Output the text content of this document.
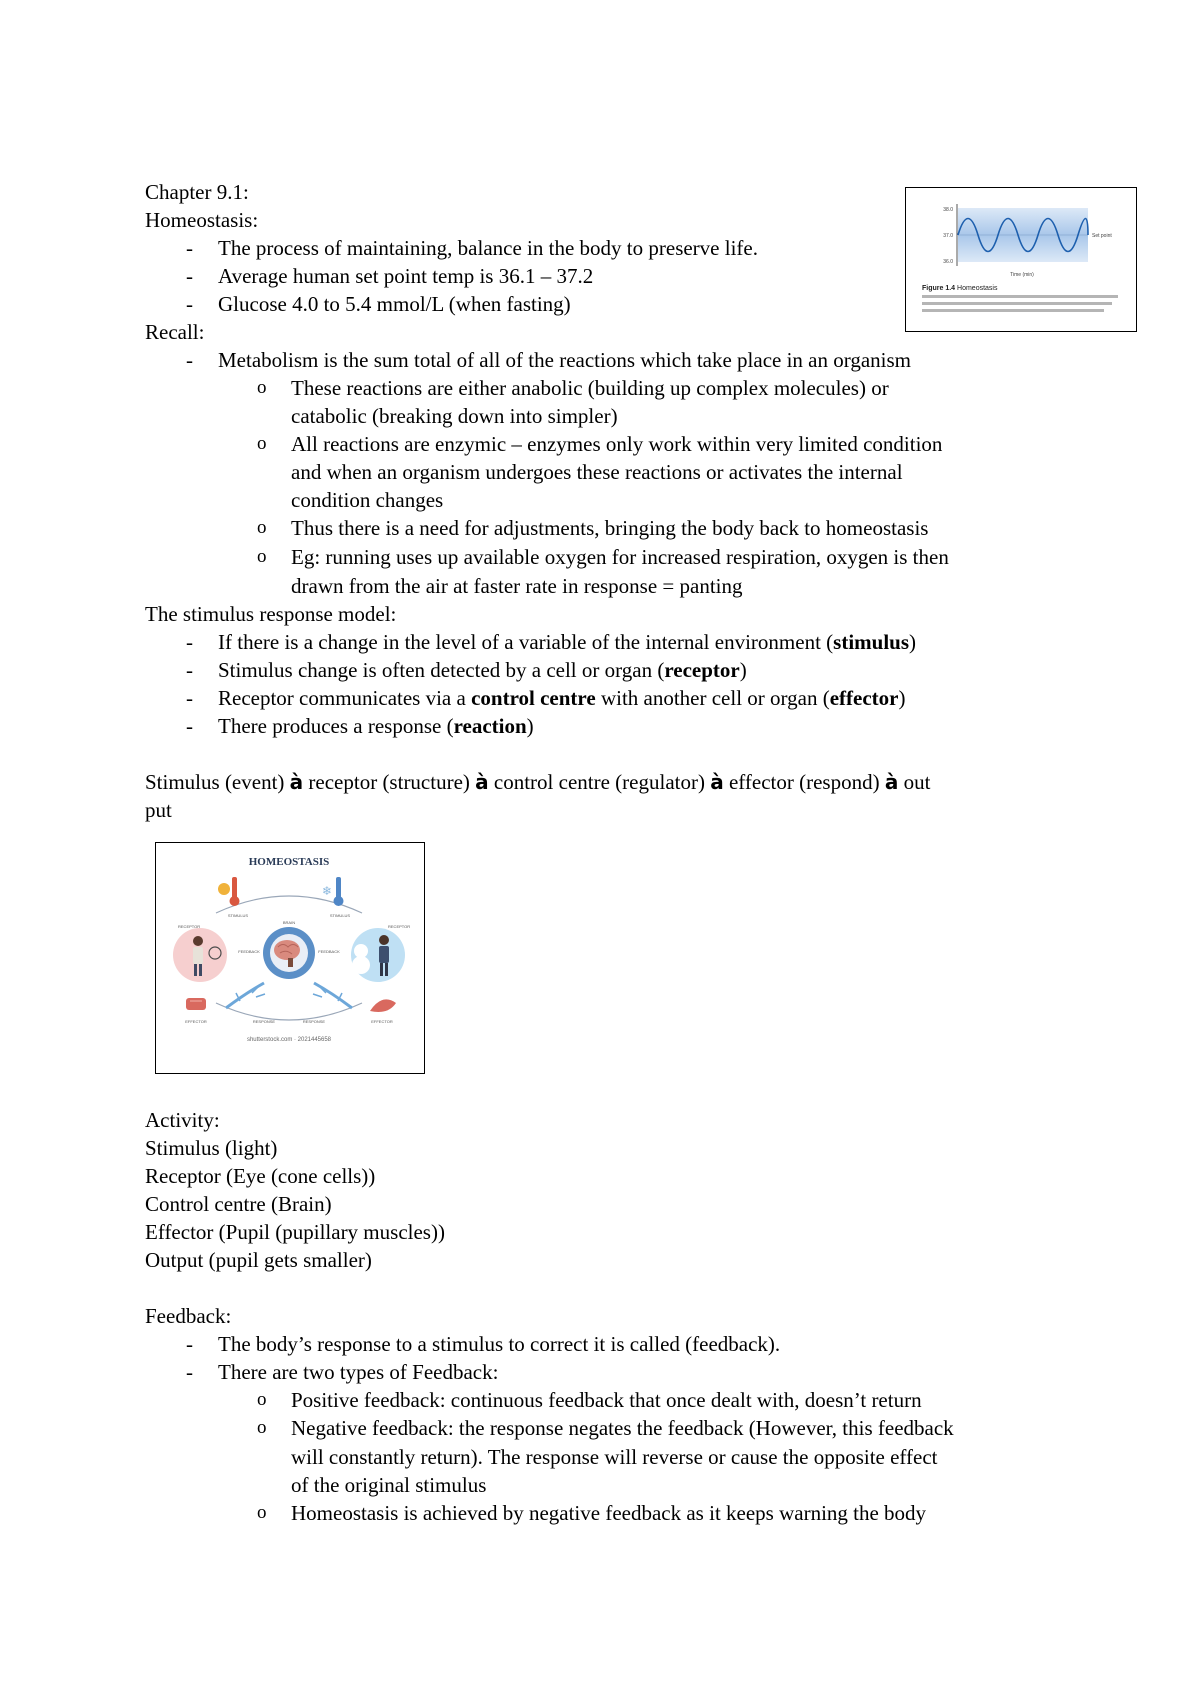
Chapter 9.1:
Homeostasis:
- The process of maintaining, balance in the body to preserve life.
- Average human set point temp is 36.1 – 37.2
- Glucose 4.0 to 5.4 mmol/L (when fasting)
Recall:
- Metabolism is the sum total of all of the reactions which take place in an organism
o These reactions are either anabolic (building up complex molecules) or
catabolic (breaking down into simpler)
o All reactions are enzymic – enzymes only work within very limited condition
and when an organism undergoes these reactions or activates the internal
condition changes
o Thus there is a need for adjustments, bringing the body back to homeostasis
o Eg: running uses up available oxygen for increased respiration, oxygen is then
drawn from the air at faster rate in response = panting
The stimulus response model:
- If there is a change in the level of a variable of the internal environment (stimulus)
- Stimulus change is often detected by a cell or organ (receptor)
- Receptor communicates via a control centre with another cell or organ (effector)
- There produces a response (reaction)
Stimulus (event) à receptor (structure) à control centre (regulator) à effector (respond) à out
put
Activity:
Stimulus (light)
Receptor (Eye (cone cells))
Control centre (Brain)
Effector (Pupil (pupillary muscles))
Output (pupil gets smaller)
Feedback:
- The body’s response to a stimulus to correct it is called (feedback).
- There are two types of Feedback:
o Positive feedback: continuous feedback that once dealt with, doesn’t return
o Negative feedback: the response negates the feedback (However, this feedback
will constantly return). The response will reverse or cause the opposite effect
of the original stimulus
o Homeostasis is achieved by negative feedback as it keeps warning the body
38.0
37.0
36.0
Set point
Time (min)
Figure 1.4 Homeostasis
HOMEOSTASIS
❄
STIMULUS	STIMULUS
RECEPTOR	RECEPTOR
BRAIN
FEEDBACK	FEEDBACK
EFFECTOR	EFFECTOR
RESPONSE	RESPONSE
shutterstock.com · 2021445658
